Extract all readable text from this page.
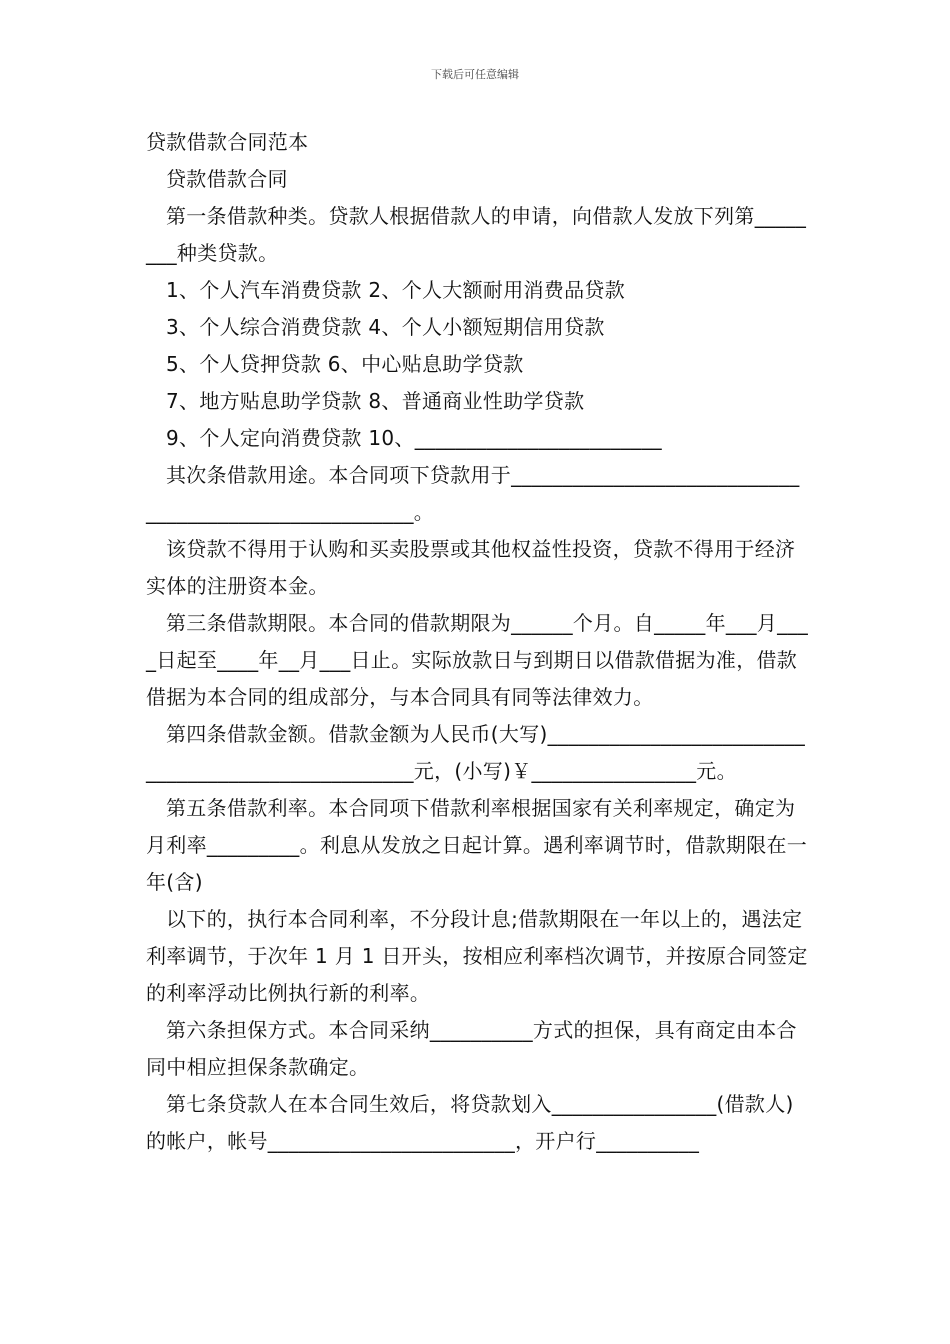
下载后可任意编辑

贷款借款合同范本

贷款借款合同

第一条借款种类。贷款人根据借款人的申请，向借款人发放下列第________种类贷款。

1、个人汽车消费贷款 2、个人大额耐用消费品贷款

3、个人综合消费贷款 4、个人小额短期信用贷款

5、个人贷押贷款 6、中心贴息助学贷款

7、地方贴息助学贷款 8、普通商业性助学贷款

9、个人定向消费贷款 10、________________________

其次条借款用途。本合同项下贷款用于______________________________________________________。

该贷款不得用于认购和买卖股票或其他权益性投资，贷款不得用于经济实体的注册资本金。

第三条借款期限。本合同的借款期限为______个月。自_____年___月____日起至____年__月___日止。实际放款日与到期日以借款借据为准，借款借据为本合同的组成部分，与本合同具有同等法律效力。

第四条借款金额。借款金额为人民币(大写)___________________________________________________元，(小写)￥________________元。

第五条借款利率。本合同项下借款利率根据国家有关利率规定，确定为月利率_________。利息从发放之日起计算。遇利率调节时，借款期限在一年(含)

以下的，执行本合同利率，不分段计息;借款期限在一年以上的，遇法定利率调节，于次年 1 月 1 日开头，按相应利率档次调节，并按原合同签定的利率浮动比例执行新的利率。

第六条担保方式。本合同采纳__________方式的担保，具有商定由本合同中相应担保条款确定。

第七条贷款人在本合同生效后，将贷款划入________________(借款人)的帐户，帐号________________________，开户行__________
